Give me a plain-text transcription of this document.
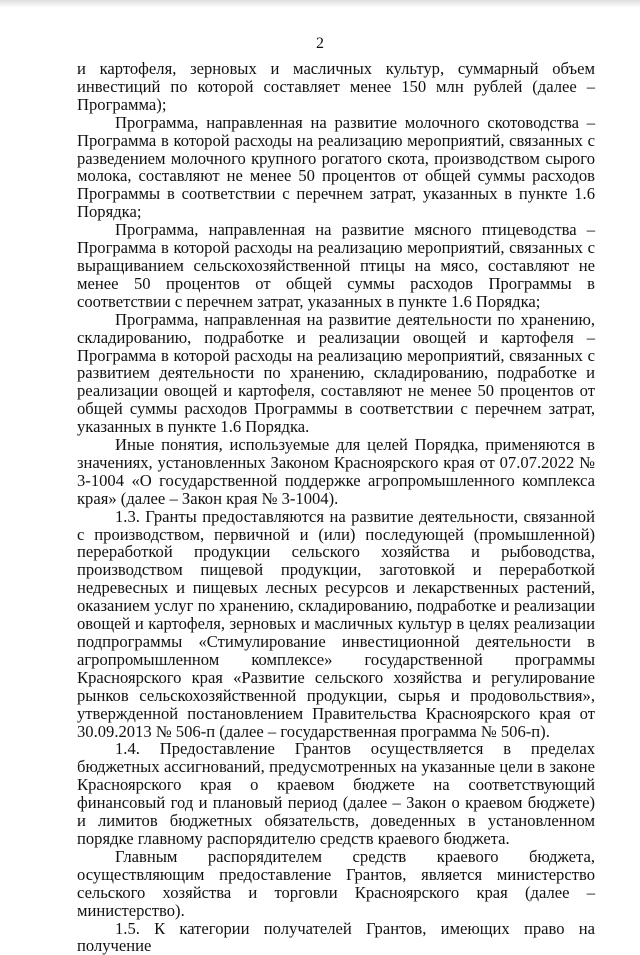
2

и картофеля, зерновых и масличных культур, суммарный объем инвестиций по которой составляет менее 150 млн рублей (далее – Программа);

Программа, направленная на развитие молочного скотоводства – Программа в которой расходы на реализацию мероприятий, связанных с разведением молочного крупного рогатого скота, производством сырого молока, составляют не менее 50 процентов от общей суммы расходов Программы в соответствии с перечнем затрат, указанных в пункте 1.6 Порядка;

Программа, направленная на развитие мясного птицеводства – Программа в которой расходы на реализацию мероприятий, связанных с выращиванием сельскохозяйственной птицы на мясо, составляют не менее 50 процентов от общей суммы расходов Программы в соответствии с перечнем затрат, указанных в пункте 1.6 Порядка;

Программа, направленная на развитие деятельности по хранению, складированию, подработке и реализации овощей и картофеля – Программа в которой расходы на реализацию мероприятий, связанных с развитием деятельности по хранению, складированию, подработке и реализации овощей и картофеля, составляют не менее 50 процентов от общей суммы расходов Программы в соответствии с перечнем затрат, указанных в пункте 1.6 Порядка.

Иные понятия, используемые для целей Порядка, применяются в значениях, установленных Законом Красноярского края от 07.07.2022 № 3-1004 «О государственной поддержке агропромышленного комплекса края» (далее – Закон края № 3-1004).

1.3. Гранты предоставляются на развитие деятельности, связанной с производством, первичной и (или) последующей (промышленной) переработкой продукции сельского хозяйства и рыбоводства, производством пищевой продукции, заготовкой и переработкой недревесных и пищевых лесных ресурсов и лекарственных растений, оказанием услуг по хранению, складированию, подработке и реализации овощей и картофеля, зерновых и масличных культур в целях реализации подпрограммы «Стимулирование инвестиционной деятельности в агропромышленном комплексе» государственной программы Красноярского края «Развитие сельского хозяйства и регулирование рынков сельскохозяйственной продукции, сырья и продовольствия», утвержденной постановлением Правительства Красноярского края от 30.09.2013 № 506-п (далее – государственная программа № 506-п).

1.4. Предоставление Грантов осуществляется в пределах бюджетных ассигнований, предусмотренных на указанные цели в законе Красноярского края о краевом бюджете на соответствующий финансовый год и плановый период (далее – Закон о краевом бюджете) и лимитов бюджетных обязательств, доведенных в установленном порядке главному распорядителю средств краевого бюджета.

Главным распорядителем средств краевого бюджета, осуществляющим предоставление Грантов, является министерство сельского хозяйства и торговли Красноярского края (далее – министерство).

1.5. К категории получателей Грантов, имеющих право на получение
